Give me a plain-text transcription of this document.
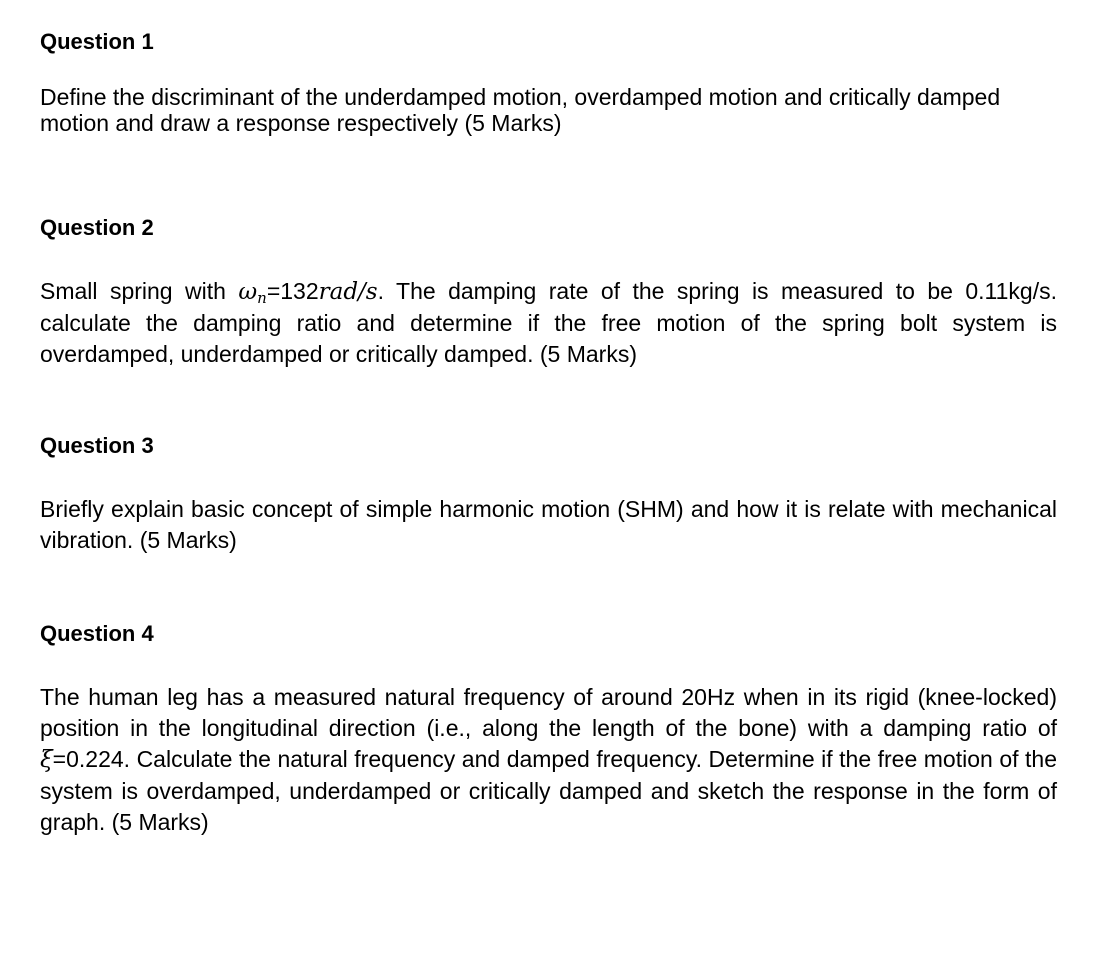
Question 1

Define the discriminant of the underdamped motion, overdamped motion and critically damped motion and draw a response respectively (5 Marks)

Question 2

Small spring with $\omega_n=132rad/s$. The damping rate of the spring is measured to be 0.11kg/s. calculate the damping ratio and determine if the free motion of the spring bolt system is overdamped, underdamped or critically damped. (5 Marks)

Question 3

Briefly explain basic concept of simple harmonic motion (SHM) and how it is relate with mechanical vibration. (5 Marks)

Question 4

The human leg has a measured natural frequency of around 20Hz when in its rigid (knee-locked) position in the longitudinal direction (i.e., along the length of the bone) with a damping ratio of ξ=0.224. Calculate the natural frequency and damped frequency. Determine if the free motion of the system is overdamped, underdamped or critically damped and sketch the response in the form of graph. (5 Marks)
